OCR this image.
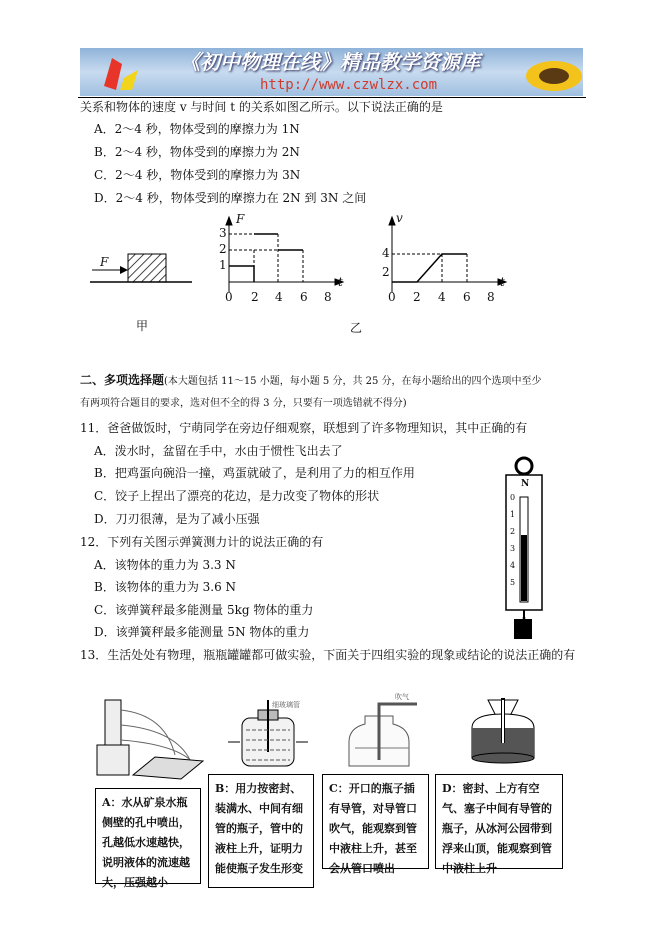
《初中物理在线》精品教学资源库
http://www.czwlzx.com
关系和物体的速度 v 与时间 t 的关系如图乙所示。以下说法正确的是
A．2～4 秒，物体受到的摩擦力为 1N
B．2～4 秒，物体受到的摩擦力为 2N
C．2～4 秒，物体受到的摩擦力为 3N
D．2～4 秒，物体受到的摩擦力在 2N 到 3N 之间
F
甲	乙
F
t
3
2
1
0 2 4 6 8
v
t
4
2
0 2 4 6 8
二、多项选择题(本大题包括 11～15 小题，每小题 5 分，共 25 分，在每小题给出的四个选项中至少
有两项符合题目的要求，选对但不全的得 3 分，只要有一项选错就不得分)
11．爸爸做饭时，宁萌同学在旁边仔细观察，联想到了许多物理知识，其中正确的有
A．泼水时，盆留在手中，水由于惯性飞出去了
B．把鸡蛋向碗沿一撞，鸡蛋就破了，是利用了力的相互作用
C．饺子上捏出了漂亮的花边，是力改变了物体的形状
D．刀刃很薄，是为了减小压强
12．下列有关图示弹簧测力计的说法正确的有
A．该物体的重力为 3.3 N
B．该物体的重力为 3.6 N
C．该弹簧秤最多能测量 5kg 物体的重力
D．该弹簧秤最多能测量 5N 物体的重力
N
0
1
2
3
4
5
13．生活处处有物理，瓶瓶罐罐都可做实验，下面关于四组实验的现象或结论的说法正确的有
细玻璃管
吹气
A：水从矿泉水瓶侧壁的孔中喷出，孔越低水速越快，说明液体的流速越大，压强越小
B：用力按密封、装满水、中间有细管的瓶子，管中的液柱上升，证明力能使瓶子发生形变
C：开口的瓶子插有导管，对导管口吹气，能观察到管中液柱上升，甚至会从管口喷出
D：密封、上方有空气、塞子中间有导管的瓶子，从冰河公园带到浮来山顶，能观察到管中液柱上升
